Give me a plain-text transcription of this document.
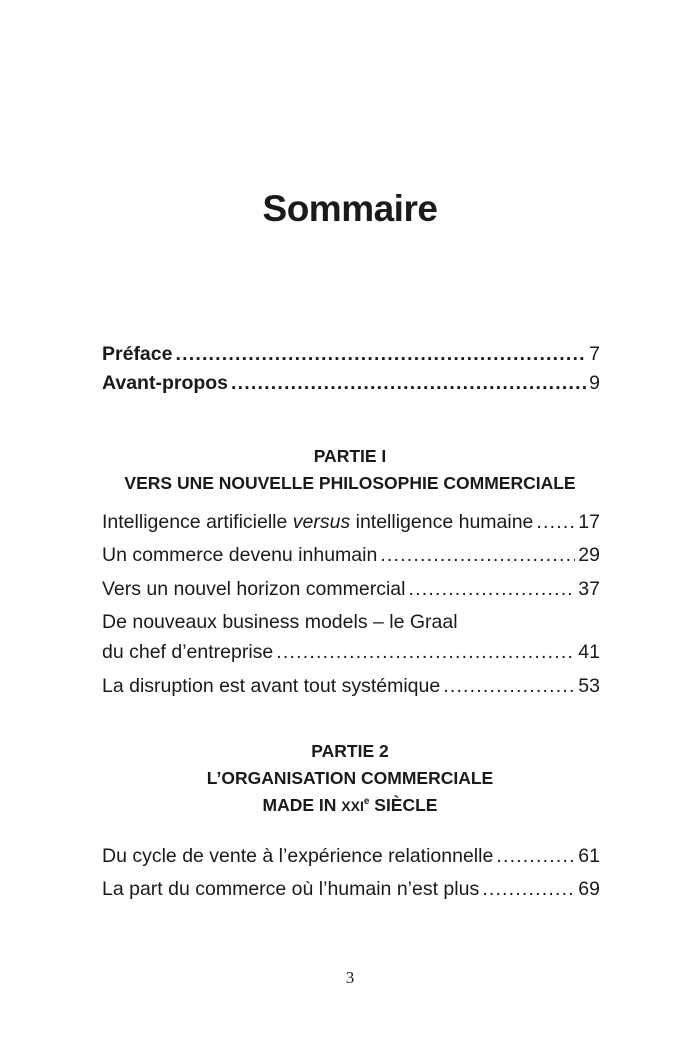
Sommaire
Préface .....	7
Avant-propos .....	9
Intelligence artificielle versus intelligence humaine ..... 17
Un commerce devenu inhumain .....	29
Vers un nouvel horizon commercial .....	37
De nouveaux business models – le Graal
du chef d’entreprise .....	41
La disruption est avant tout systémique .....	53
Du cycle de vente à l’expérience relationnelle .....	61
La part du commerce où l’humain n’est plus .....	69
PARTIE I
VERS UNE NOUVELLE PHILOSOPHIE COMMERCIALE
PARTIE 2
L’ORGANISATION COMMERCIALE
MADE IN XXIe SIÈCLE
3
